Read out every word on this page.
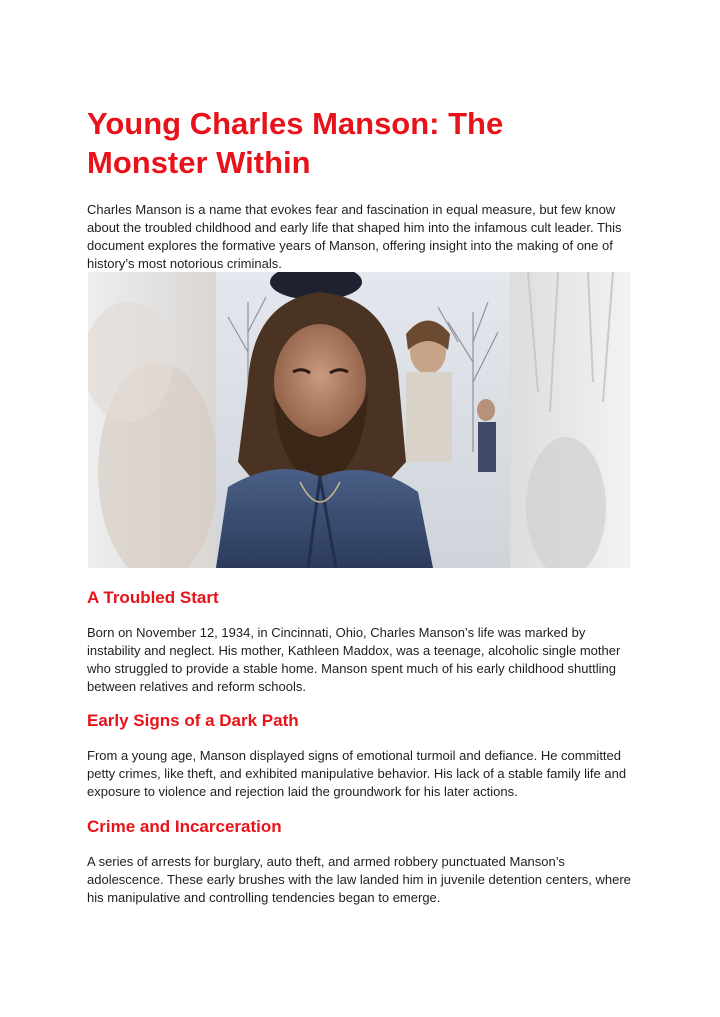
Young Charles Manson: The Monster Within

Charles Manson is a name that evokes fear and fascination in equal measure, but few know about the troubled childhood and early life that shaped him into the infamous cult leader. This document explores the formative years of Manson, offering insight into the making of one of history’s most notorious criminals.

A Troubled Start

Born on November 12, 1934, in Cincinnati, Ohio, Charles Manson’s life was marked by instability and neglect. His mother, Kathleen Maddox, was a teenage, alcoholic single mother who struggled to provide a stable home. Manson spent much of his early childhood shuttling between relatives and reform schools.

Early Signs of a Dark Path

From a young age, Manson displayed signs of emotional turmoil and defiance. He committed petty crimes, like theft, and exhibited manipulative behavior. His lack of a stable family life and exposure to violence and rejection laid the groundwork for his later actions.

Crime and Incarceration

A series of arrests for burglary, auto theft, and armed robbery punctuated Manson’s adolescence. These early brushes with the law landed him in juvenile detention centers, where his manipulative and controlling tendencies began to emerge.
